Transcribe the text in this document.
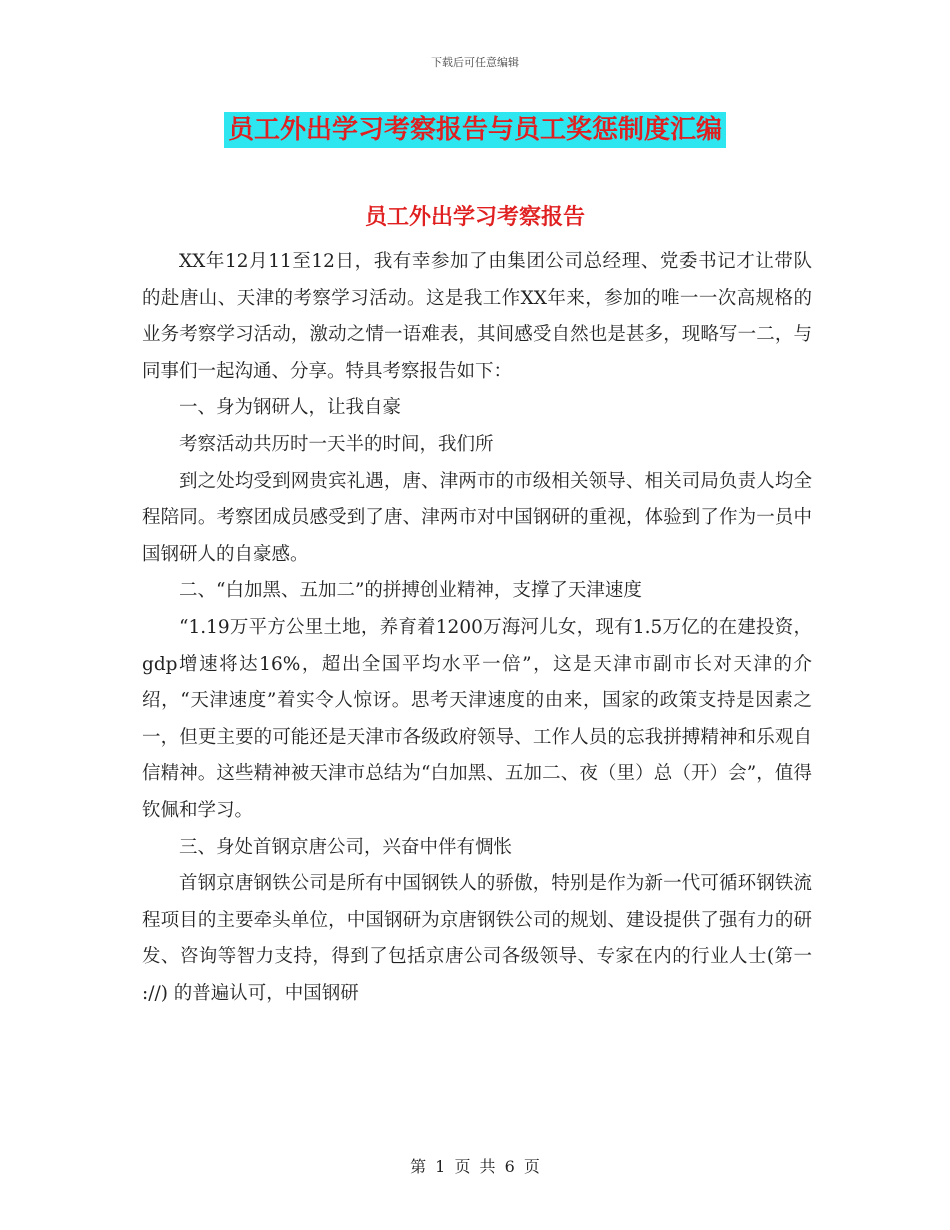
下载后可任意编辑
员工外出学习考察报告与员工奖惩制度汇编
员工外出学习考察报告

XX年12月11至12日，我有幸参加了由集团公司总经理、党委书记才让带队的赴唐山、天津的考察学习活动。这是我工作XX年来，参加的唯一一次高规格的业务考察学习活动，激动之情一语难表，其间感受自然也是甚多，现略写一二，与同事们一起沟通、分享。特具考察报告如下：

一、身为钢研人，让我自豪

考察活动共历时一天半的时间，我们所

到之处均受到网贵宾礼遇，唐、津两市的市级相关领导、相关司局负责人均全程陪同。考察团成员感受到了唐、津两市对中国钢研的重视，体验到了作为一员中国钢研人的自豪感。

二、“白加黑、五加二”的拼搏创业精神，支撑了天津速度

“1.19万平方公里土地，养育着1200万海河儿女，现有1.5万亿的在建投资，gdp增速将达16%，超出全国平均水平一倍”，这是天津市副市长对天津的介绍，“天津速度”着实令人惊讶。思考天津速度的由来，国家的政策支持是因素之一，但更主要的可能还是天津市各级政府领导、工作人员的忘我拼搏精神和乐观自信精神。这些精神被天津市总结为“白加黑、五加二、夜（里）总（开）会”，值得钦佩和学习。

三、身处首钢京唐公司，兴奋中伴有惆怅

首钢京唐钢铁公司是所有中国钢铁人的骄傲，特别是作为新一代可循环钢铁流程项目的主要牵头单位，中国钢研为京唐钢铁公司的规划、建设提供了强有力的研发、咨询等智力支持，得到了包括京唐公司各级领导、专家在内的行业人士(第一 ://) 的普遍认可，中国钢研

第 1 页 共 6 页
